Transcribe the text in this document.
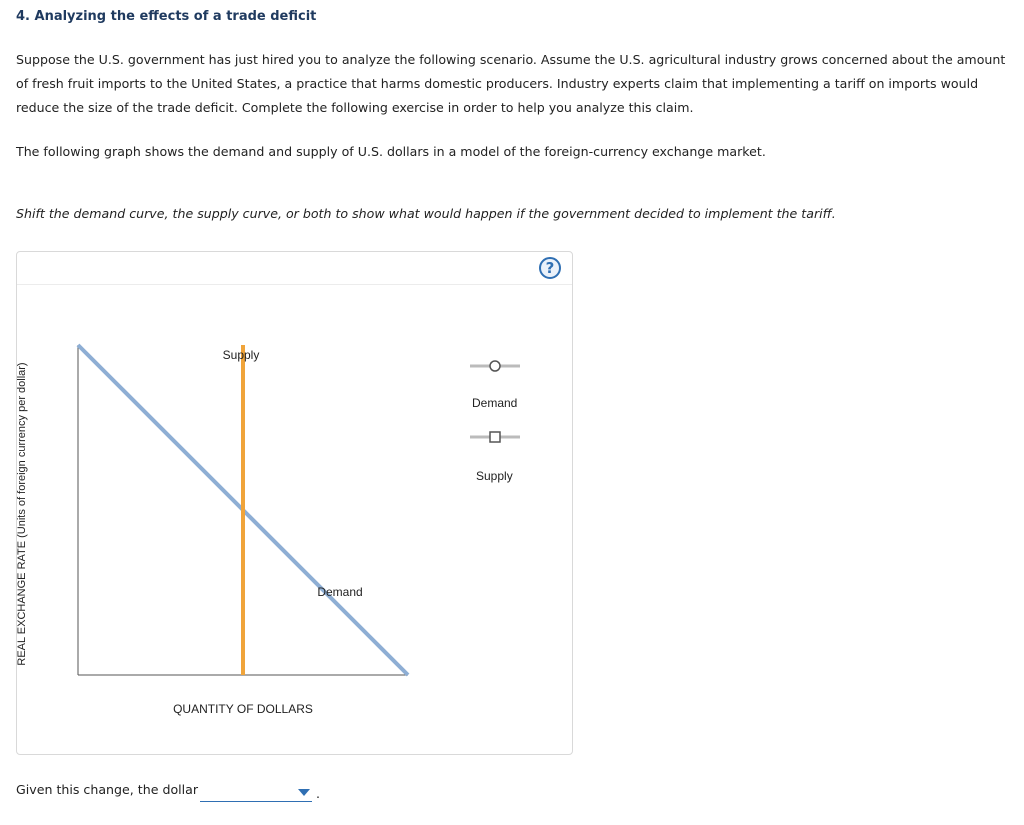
4. Analyzing the effects of a trade deficit

Suppose the U.S. government has just hired you to analyze the following scenario. Assume the U.S. agricultural industry grows concerned about the amount of fresh fruit imports to the United States, a practice that harms domestic producers. Industry experts claim that implementing a tariff on imports would reduce the size of the trade deficit. Complete the following exercise in order to help you analyze this claim.

The following graph shows the demand and supply of U.S. dollars in a model of the foreign-currency exchange market.

Shift the demand curve, the supply curve, or both to show what would happen if the government decided to implement the tariff.

?
REAL EXCHANGE RATE (Units of foreign currency per dollar)
QUANTITY OF DOLLARS
Supply
Demand
Demand
Supply
Given this change, the dollar	.
